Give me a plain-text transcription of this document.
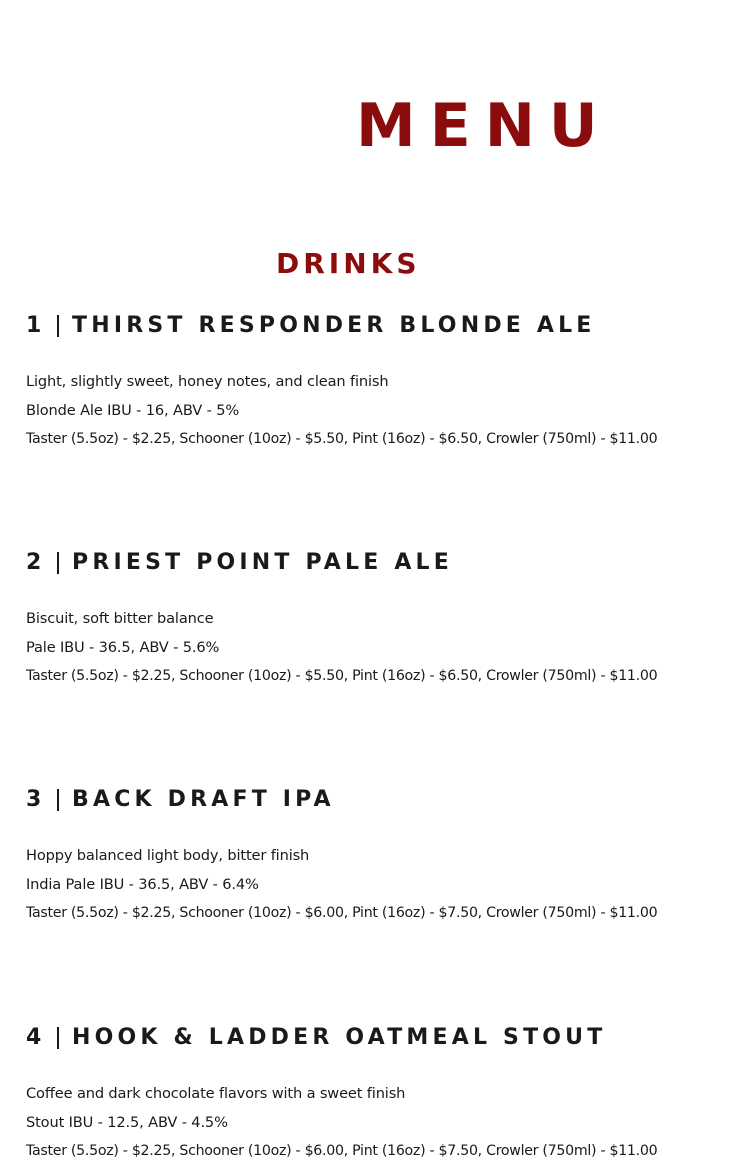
MENU
DRINKS
1 THIRST RESPONDER BLONDE ALE

Light, slightly sweet, honey notes, and clean finish

Blonde Ale IBU - 16, ABV - 5%

Taster (5.5oz) - $2.25, Schooner (10oz) - $5.50, Pint (16oz) - $6.50, Crowler (750ml) - $11.00

2 PRIEST POINT PALE ALE

Biscuit, soft bitter balance

Pale IBU - 36.5, ABV - 5.6%

Taster (5.5oz) - $2.25, Schooner (10oz) - $5.50, Pint (16oz) - $6.50, Crowler (750ml) - $11.00

3 BACK DRAFT IPA

Hoppy balanced light body, bitter finish

India Pale IBU - 36.5, ABV - 6.4%

Taster (5.5oz) - $2.25, Schooner (10oz) - $6.00, Pint (16oz) - $7.50, Crowler (750ml) - $11.00

4 HOOK & LADDER OATMEAL STOUT

Coffee and dark chocolate flavors with a sweet finish

Stout IBU - 12.5, ABV - 4.5%

Taster (5.5oz) - $2.25, Schooner (10oz) - $6.00, Pint (16oz) - $7.50, Crowler (750ml) - $11.00
